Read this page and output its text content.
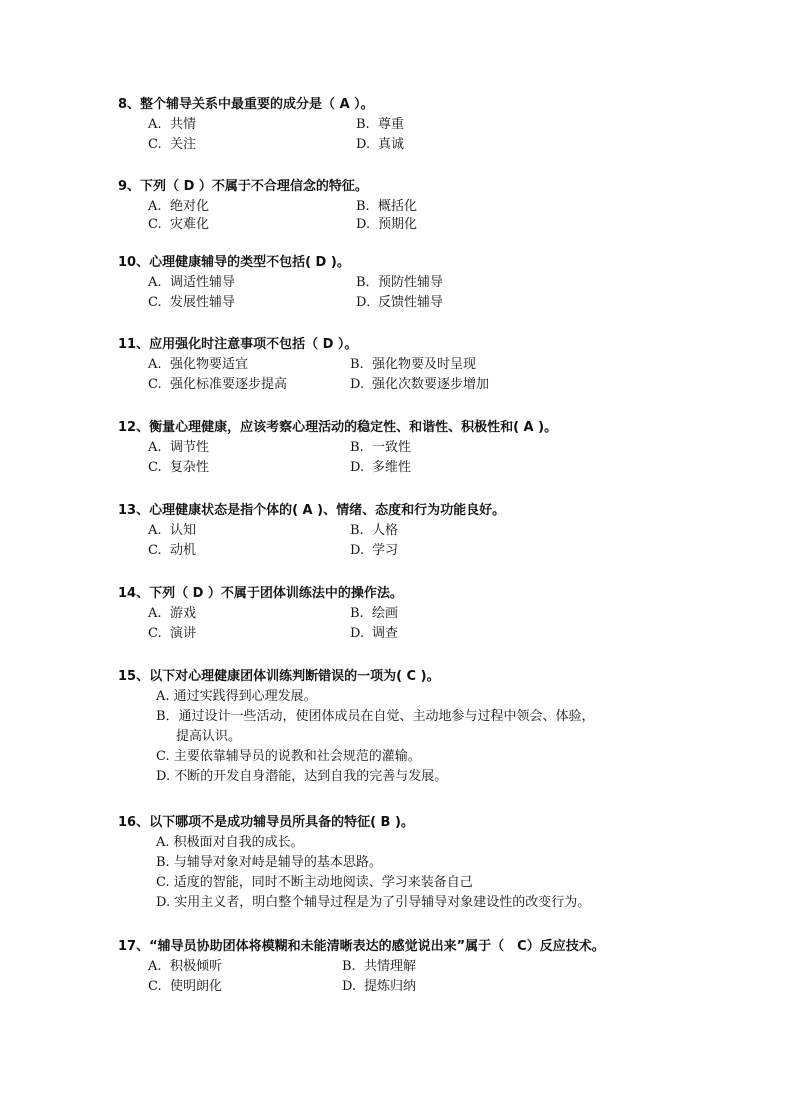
8、整个辅导关系中最重要的成分是（ A ）。
A. 共情	B. 尊重
C. 关注	D. 真诚
9、下列（ D ）不属于不合理信念的特征。
A. 绝对化	B. 概括化
C. 灾难化	D. 预期化
10、心理健康辅导的类型不包括( D )。
A. 调适性辅导	B．预防性辅导
C. 发展性辅导	D．反馈性辅导
11、应用强化时注意事项不包括（ D ）。
A. 强化物要适宜	B. 强化物要及时呈现
C. 强化标准要逐步提高	D. 强化次数要逐步增加
12、衡量心理健康，应该考察心理活动的稳定性、和谐性、积极性和( A )。
A. 调节性	B. 一致性
C. 复杂性	D. 多维性
13、心理健康状态是指个体的( A )、情绪、态度和行为功能良好。
A. 认知	B. 人格
C. 动机	D. 学习
14、下列（ D ）不属于团体训练法中的操作法。
A. 游戏	B. 绘画
C. 演讲	D. 调查
15、以下对心理健康团体训练判断错误的一项为( C )。
A. 通过实践得到心理发展。
B．通过设计一些活动，使团体成员在自觉、主动地参与过程中领会、体验，
提高认识。
C. 主要依靠辅导员的说教和社会规范的灌输。
D. 不断的开发自身潜能，达到自我的完善与发展。
16、以下哪项不是成功辅导员所具备的特征( B )。
A. 积极面对自我的成长。
B. 与辅导对象对峙是辅导的基本思路。
C. 适度的智能，同时不断主动地阅读、学习来装备自己
D. 实用主义者，明白整个辅导过程是为了引导辅导对象建设性的改变行为。
17、“辅导员协助团体将模糊和未能清晰表达的感觉说出来”属于（　C）反应技术。
A. 积极倾听	B. 共情理解
C. 使明朗化	D. 提炼归纳
